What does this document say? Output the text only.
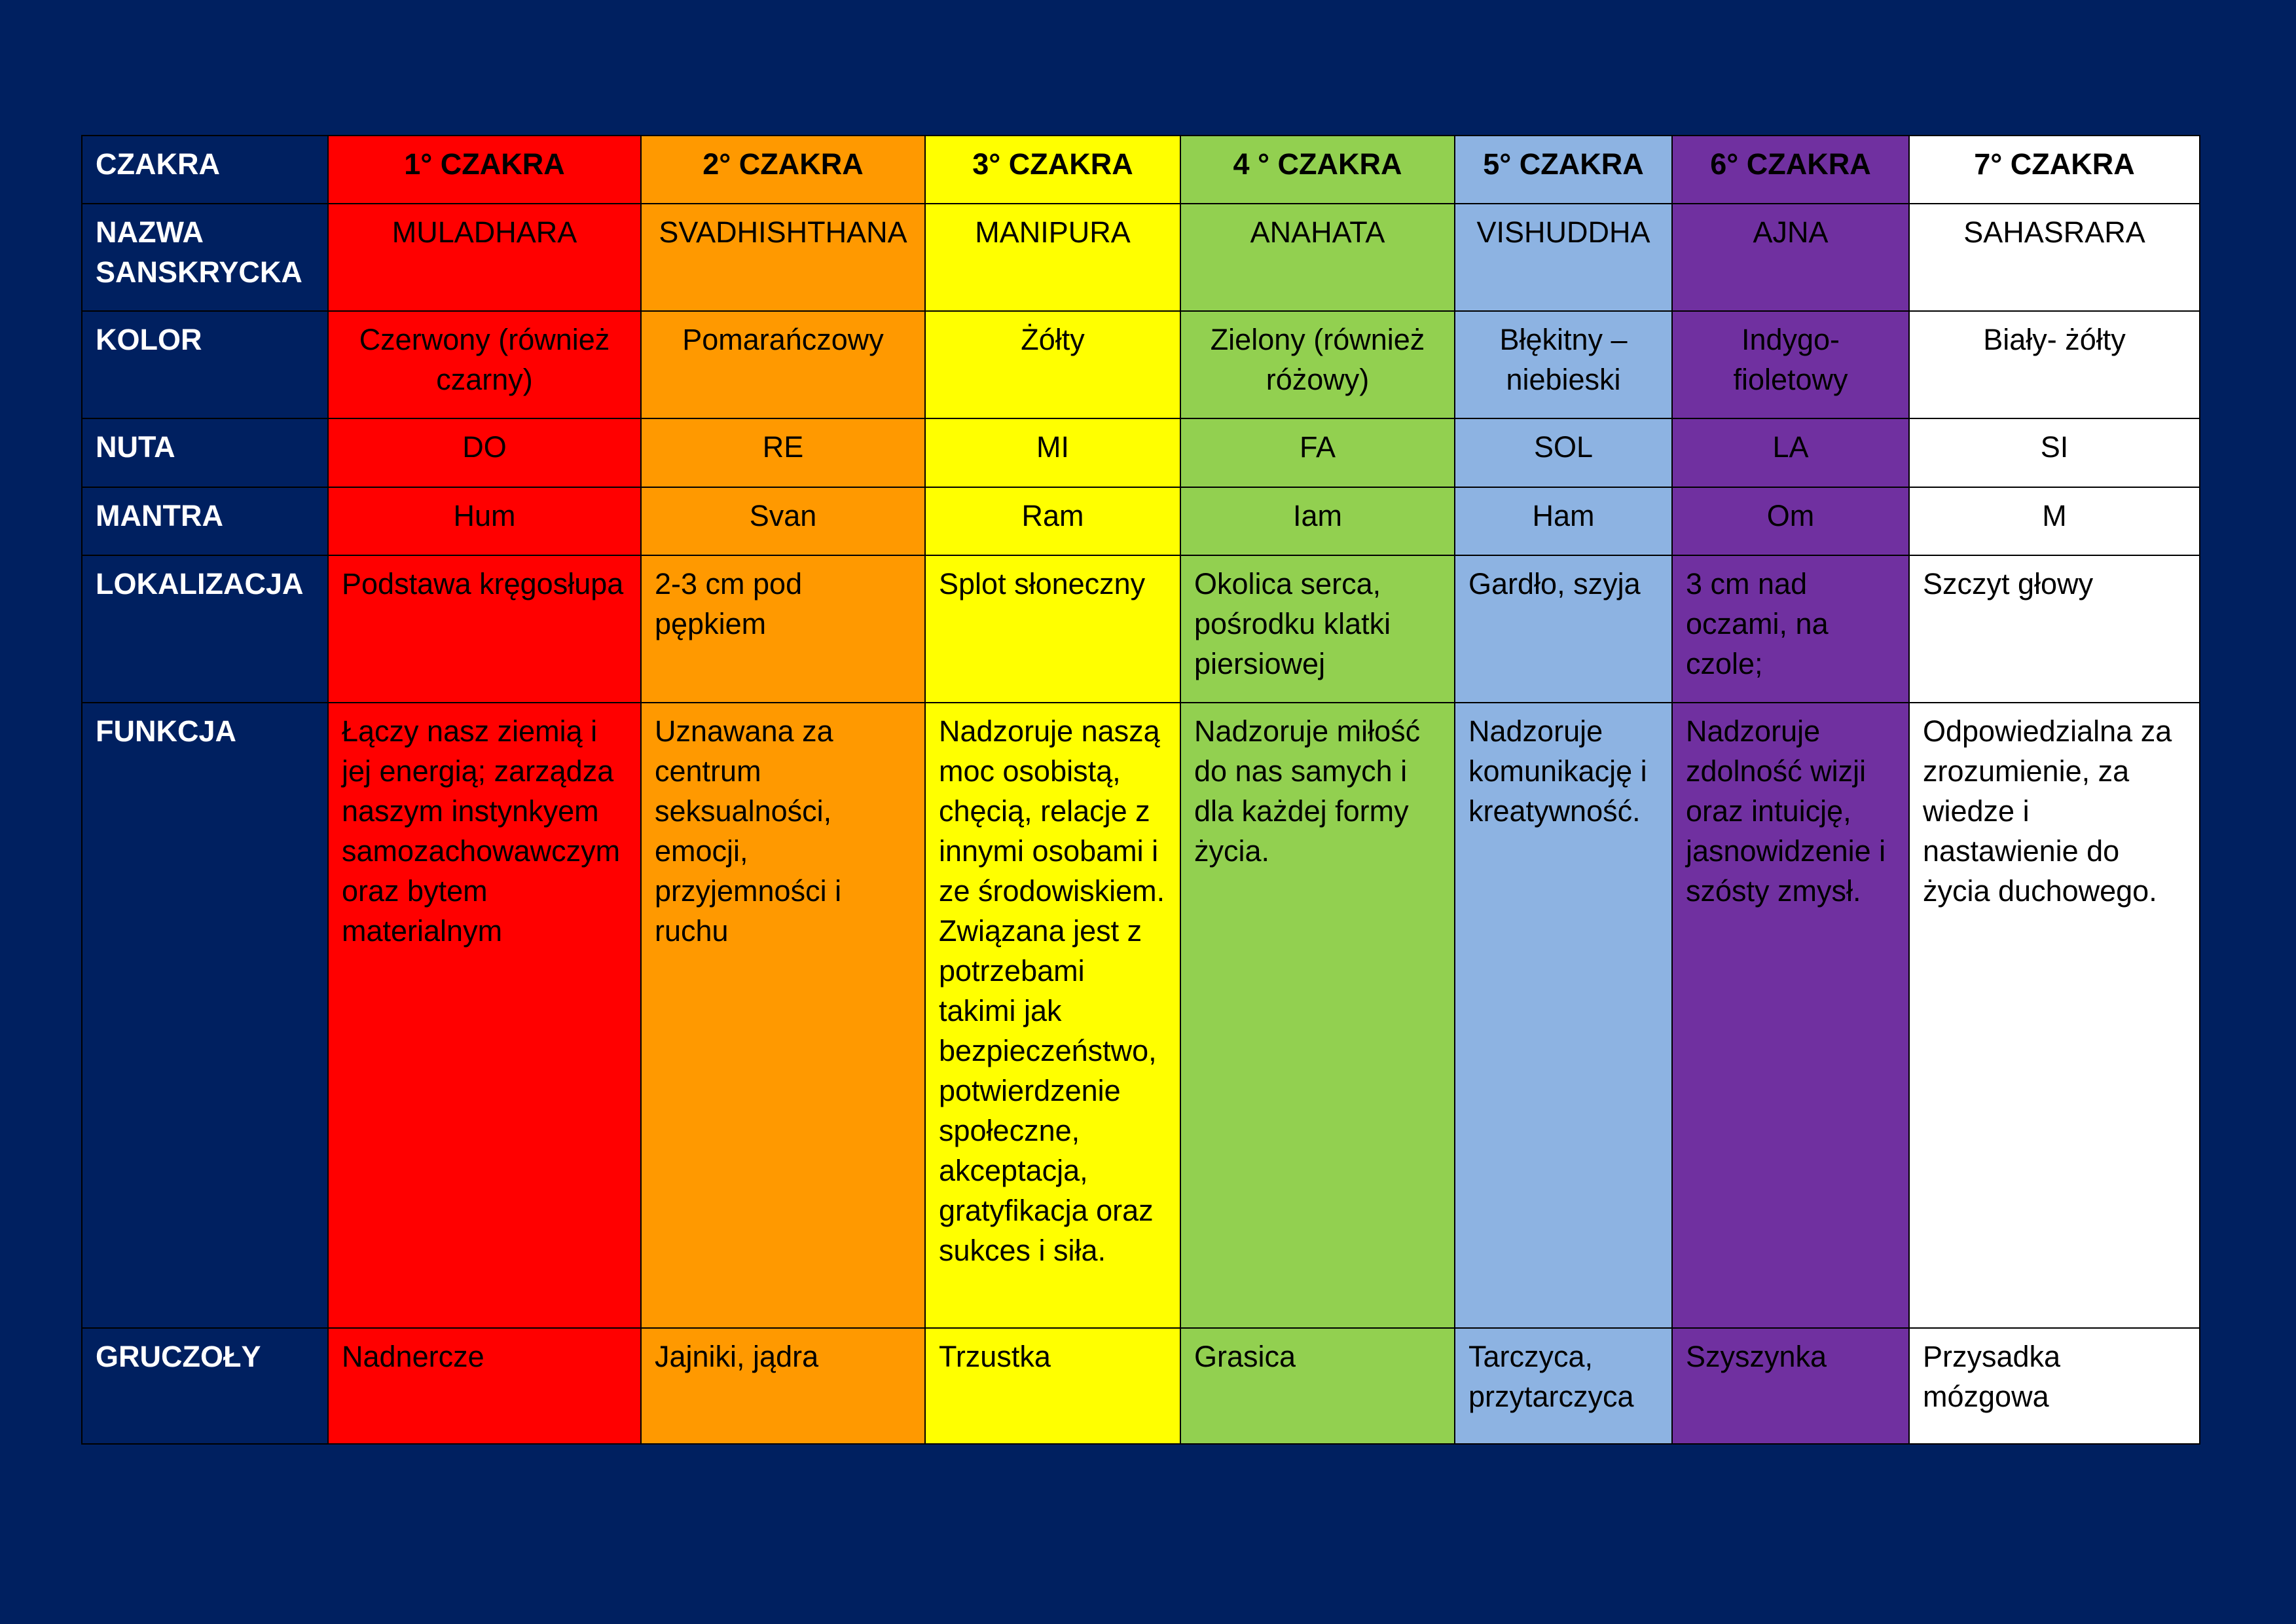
CZAKRA	1° CZAKRA	2° CZAKRA	3° CZAKRA	4 ° CZAKRA	5° CZAKRA	6° CZAKRA	7° CZAKRA
NAZWA SANSKRYCKA	MULADHARA	SVADHISHTHANA	MANIPURA	ANAHATA	VISHUDDHA	AJNA	SAHASRARA
KOLOR	Czerwony (również czarny)	Pomarańczowy	Żółty	Zielony (również różowy)	Błękitny – niebieski	Indygo- fioletowy	Biały- żółty
NUTA	DO	RE	MI	FA	SOL	LA	SI
MANTRA	Hum	Svan	Ram	Iam	Ham	Om	M
LOKALIZACJA	Podstawa kręgosłupa	2-3 cm pod pępkiem	Splot słoneczny	Okolica serca, pośrodku klatki piersiowej	Gardło, szyja	3 cm nad oczami, na czole;	Szczyt głowy
FUNKCJA	Łączy nasz ziemią i jej energią; zarządza naszym instynkyem samozachowawczym oraz bytem materialnym	Uznawana za centrum seksualności, emocji, przyjemności i ruchu	Nadzoruje naszą moc osobistą, chęcią, relacje z innymi osobami i ze środowiskiem. Związana jest z potrzebami takimi jak bezpieczeństwo, potwierdzenie społeczne, akceptacja, gratyfikacja oraz sukces i siła.	Nadzoruje miłość do nas samych i dla każdej formy życia.	Nadzoruje komunikację i kreatywność.	Nadzoruje zdolność wizji oraz intuicję, jasnowidzenie i szósty zmysł.	Odpowiedzialna za zrozumienie, za wiedze i nastawienie do życia duchowego.
GRUCZOŁY	Nadnercze	Jajniki, jądra	Trzustka	Grasica	Tarczyca, przytarczyca	Szyszynka	Przysadka mózgowa
